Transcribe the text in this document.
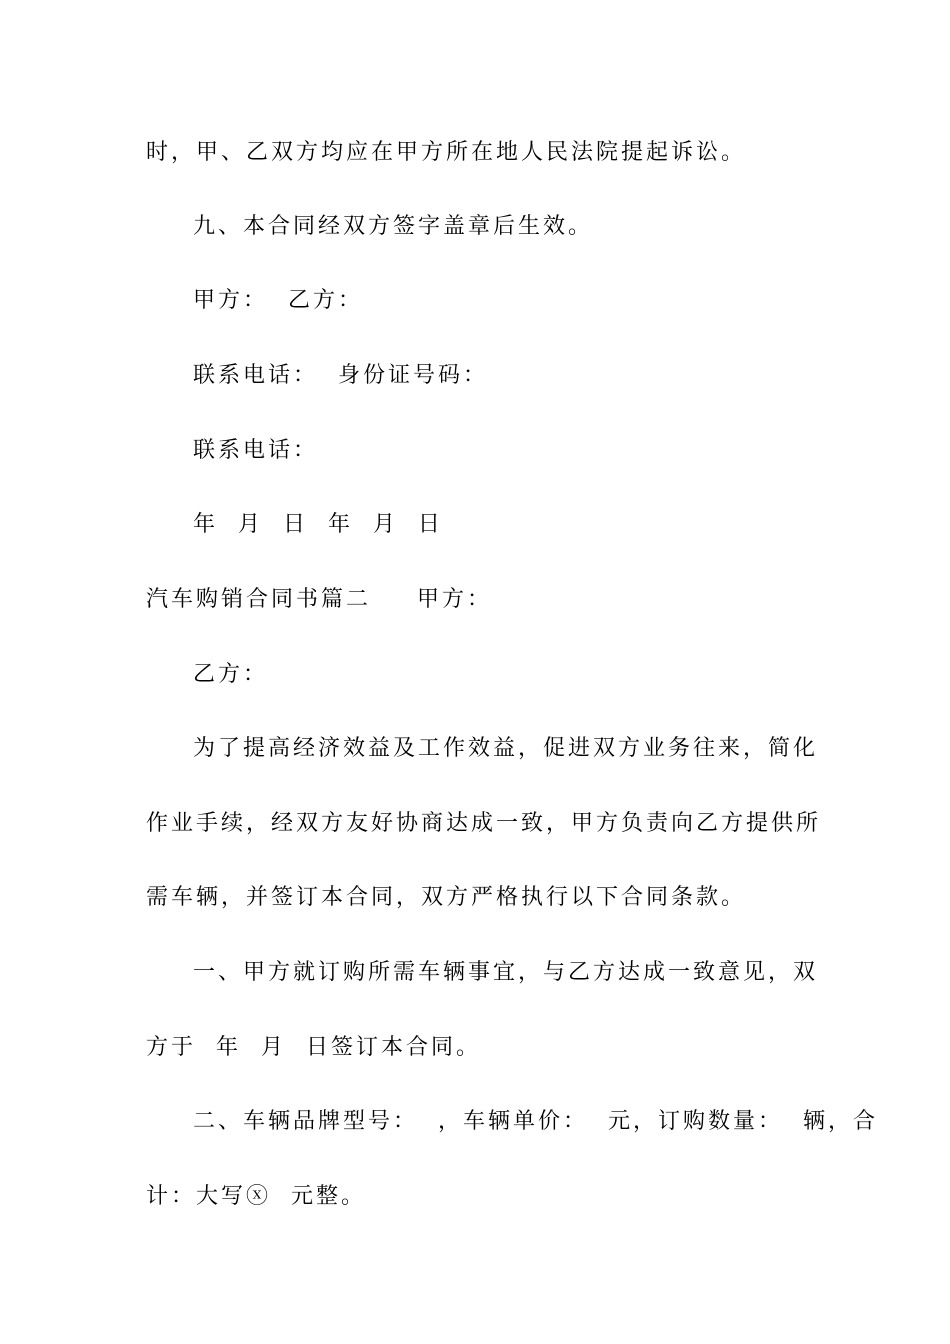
时，甲、乙双方均应在甲方所在地人民法院提起诉讼。

九、本合同经双方签字盖章后生效。

甲方：  乙方：

联系电话：  身份证号码：

联系电话：

年  月  日  年  月  日

汽车购销合同书篇二 甲方：

乙方：

为了提高经济效益及工作效益，促进双方业务往来，简化

作业手续，经双方友好协商达成一致，甲方负责向乙方提供所

需车辆，并签订本合同，双方严格执行以下合同条款。

一、甲方就订购所需车辆事宜，与乙方达成一致意见，双

方于  年  月  日签订本合同。

二、车辆品牌型号：  ，车辆单价：  元，订购数量：  辆，合

计：大写ⓧ  元整。
